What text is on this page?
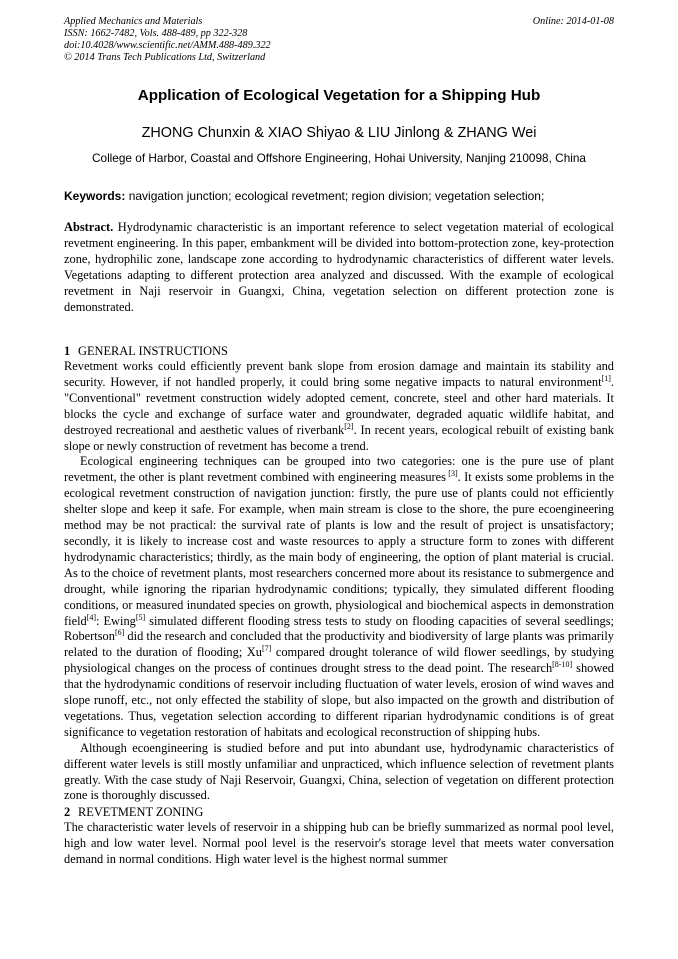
Applied Mechanics and Materials
ISSN: 1662-7482, Vols. 488-489, pp 322-328
doi:10.4028/www.scientific.net/AMM.488-489.322
© 2014 Trans Tech Publications Ltd, Switzerland
Online: 2014-01-08
Application of Ecological Vegetation for a Shipping Hub
ZHONG Chunxin & XIAO Shiyao & LIU Jinlong & ZHANG Wei
College of Harbor, Coastal and Offshore Engineering, Hohai University, Nanjing 210098, China
Keywords: navigation junction; ecological revetment; region division; vegetation selection;
Abstract. Hydrodynamic characteristic is an important reference to select vegetation material of ecological revetment engineering. In this paper, embankment will be divided into bottom-protection zone, key-protection zone, hydrophilic zone, landscape zone according to hydrodynamic characteristics of different water levels. Vegetations adapting to different protection area analyzed and discussed. With the example of ecological revetment in Naji reservoir in Guangxi, China, vegetation selection on different protection zone is demonstrated.
1 GENERAL INSTRUCTIONS

Revetment works could efficiently prevent bank slope from erosion damage and maintain its stability and security. However, if not handled properly, it could bring some negative impacts to natural environment[1]. "Conventional" revetment construction widely adopted cement, concrete, steel and other hard materials. It blocks the cycle and exchange of surface water and groundwater, degraded aquatic wildlife habitat, and destroyed recreational and aesthetic values of riverbank[2]. In recent years, ecological rebuilt of existing bank slope or newly construction of revetment has become a trend.

Ecological engineering techniques can be grouped into two categories: one is the pure use of plant revetment, the other is plant revetment combined with engineering measures [3]. It exists some problems in the ecological revetment construction of navigation junction: firstly, the pure use of plants could not efficiently shelter slope and keep it safe. For example, when main stream is close to the shore, the pure ecoengineering method may be not practical: the survival rate of plants is low and the result of project is unsatisfactory; secondly, it is likely to increase cost and waste resources to apply a structure form to zones with different hydrodynamic characteristics; thirdly, as the main body of engineering, the option of plant material is crucial. As to the choice of revetment plants, most researchers concerned more about its resistance to submergence and drought, while ignoring the riparian hydrodynamic conditions; typically, they simulated different flooding conditions, or measured inundated species on growth, physiological and biochemical aspects in demonstration field[4]: Ewing[5] simulated different flooding stress tests to study on flooding capacities of several seedlings; Robertson[6] did the research and concluded that the productivity and biodiversity of large plants was primarily related to the duration of flooding; Xu[7] compared drought tolerance of wild flower seedlings, by studying physiological changes on the process of continues drought stress to the dead point. The research[8-10] showed that the hydrodynamic conditions of reservoir including fluctuation of water levels, erosion of wind waves and slope runoff, etc., not only effected the stability of slope, but also impacted on the growth and distribution of vegetations. Thus, vegetation selection according to different riparian hydrodynamic conditions is of great significance to vegetation restoration of habitats and ecological reconstruction of shipping hubs.

Although ecoengineering is studied before and put into abundant use, hydrodynamic characteristics of different water levels is still mostly unfamiliar and unpracticed, which influence selection of revetment plants greatly. With the case study of Naji Reservoir, Guangxi, China, selection of vegetation on different protection zone is thoroughly discussed.

2 REVETMENT ZONING

The characteristic water levels of reservoir in a shipping hub can be briefly summarized as normal pool level, high and low water level. Normal pool level is the reservoir's storage level that meets water conversation demand in normal conditions. High water level is the highest normal summer
